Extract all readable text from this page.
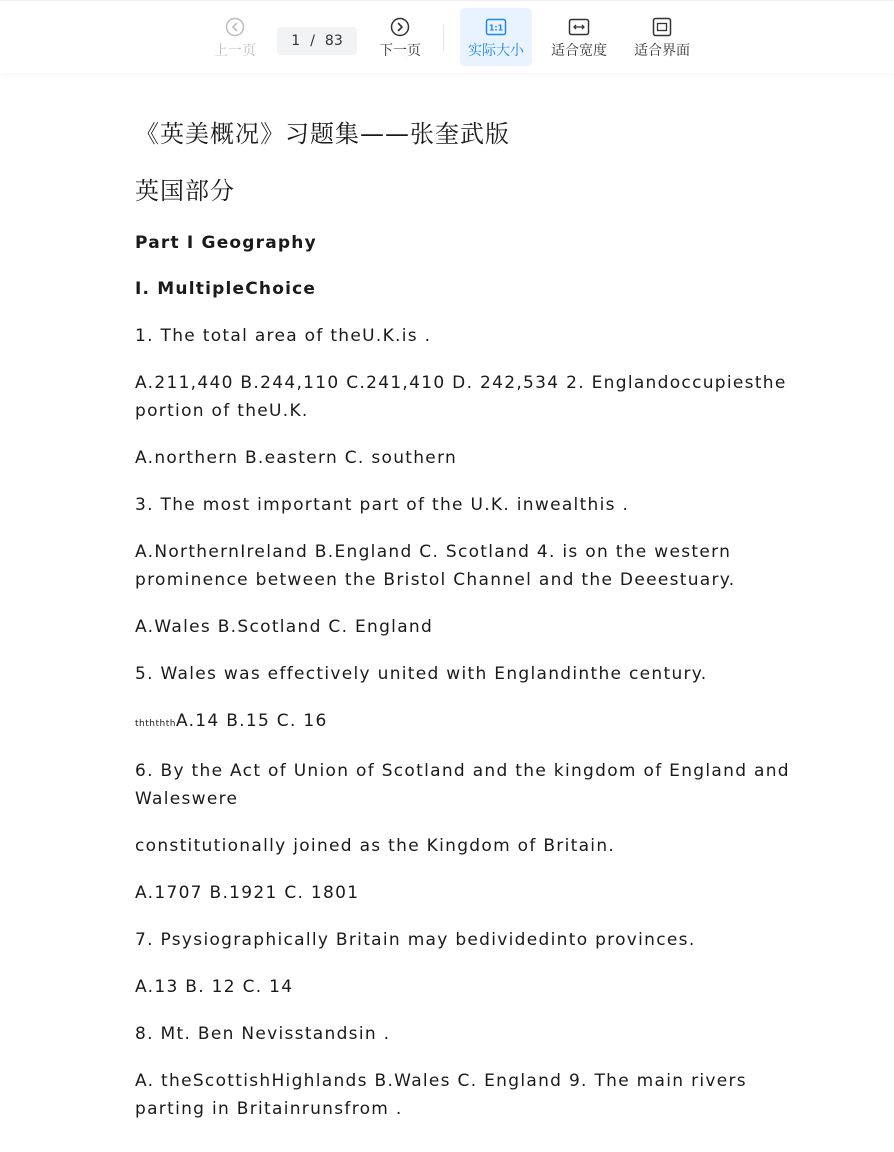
上一页
1 / 83
下一页
1:1
实际大小 适合宽度 适合界面
《英美概况》习题集——张奎武版
英国部分

Part I Geography

I. MultipleChoice

1. The total area of theU.K.is .

A.211,440 B.244,110 C.241,410 D. 242,534 2. Englandoccupiesthe portion of theU.K.

A.northern B.eastern C. southern

3. The most important part of the U.K. inwealthis .

A.NorthernIreland B.England C. Scotland 4. is on the western prominence between the Bristol Channel and the Deeestuary.

A.Wales B.Scotland C. England

5. Wales was effectively united with Englandinthe century.

ththththA.14 B.15 C. 16

6. By the Act of Union of Scotland and the kingdom of England and Waleswere

constitutionally joined as the Kingdom of Britain.

A.1707 B.1921 C. 1801

7. Psysiographically Britain may bedividedinto provinces.

A.13 B. 12 C. 14

8. Mt. Ben Nevisstandsin .

A. theScottishHighlands B.Wales C. England 9. The main rivers parting in Britainrunsfrom .
